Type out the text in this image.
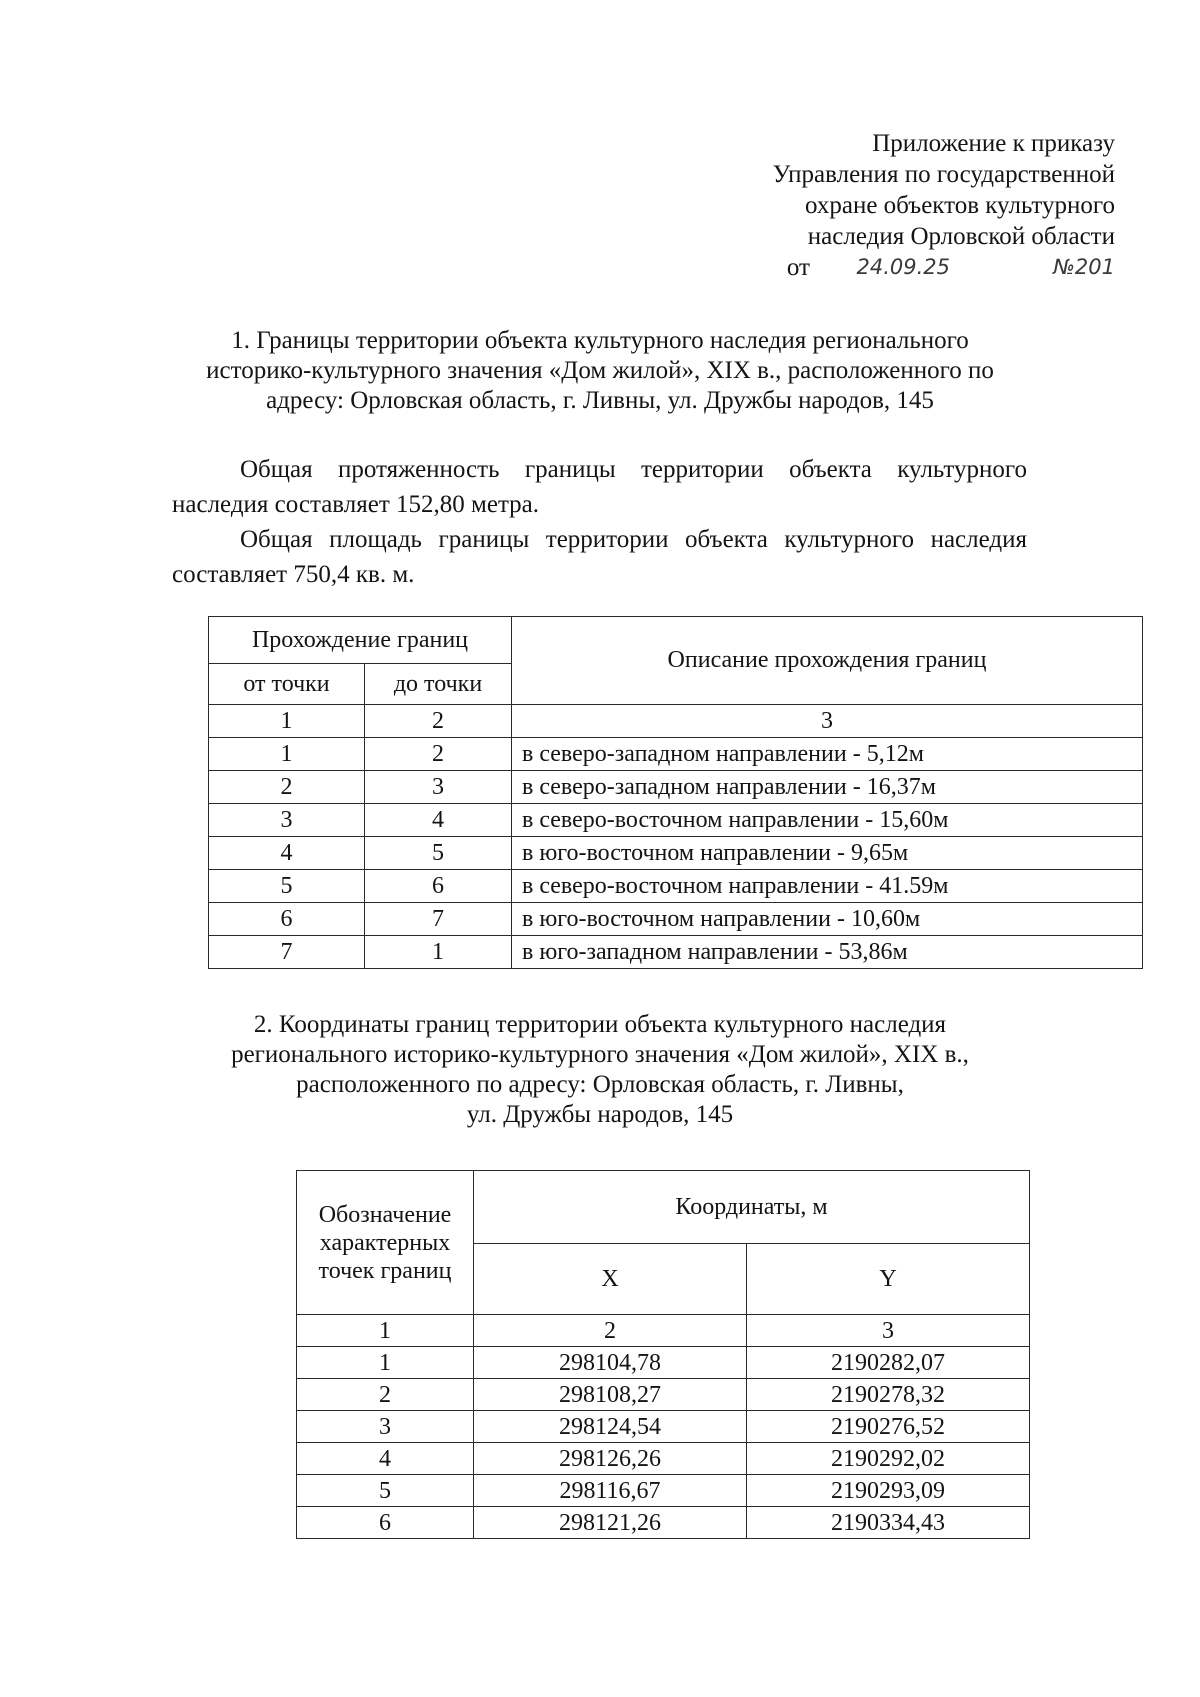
Приложение к приказу
Управления по государственной
охране объектов культурного
наследия Орловской области
от 24.09.25	№201
1. Границы территории объекта культурного наследия регионального
историко-культурного значения «Дом жилой», XIX в., расположенного по
адресу: Орловская область, г. Ливны, ул. Дружбы народов, 145

Общая протяженность границы территории объекта культурного наследия составляет 152,80 метра.

Общая площадь границы территории объекта культурного наследия составляет 750,4 кв. м.

Прохождение границ		Описание прохождения границ
от точки	до точки	
1	2	3
1	2	в северо-западном направлении - 5,12м
2	3	в северо-западном направлении - 16,37м
3	4	в северо-восточном направлении - 15,60м
4	5	в юго-восточном направлении - 9,65м
5	6	в северо-восточном направлении - 41.59м
6	7	в юго-восточном направлении - 10,60м
7	1	в юго-западном направлении - 53,86м
2. Координаты границ территории объекта культурного наследия
регионального историко-культурного значения «Дом жилой», XIX в.,
расположенного по адресу: Орловская область, г. Ливны,
ул. Дружбы народов, 145
Обозначение характерных точек границ	Координаты, м	
	X	Y
1	2	3
1	298104,78	2190282,07
2	298108,27	2190278,32
3	298124,54	2190276,52
4	298126,26	2190292,02
5	298116,67	2190293,09
6	298121,26	2190334,43
